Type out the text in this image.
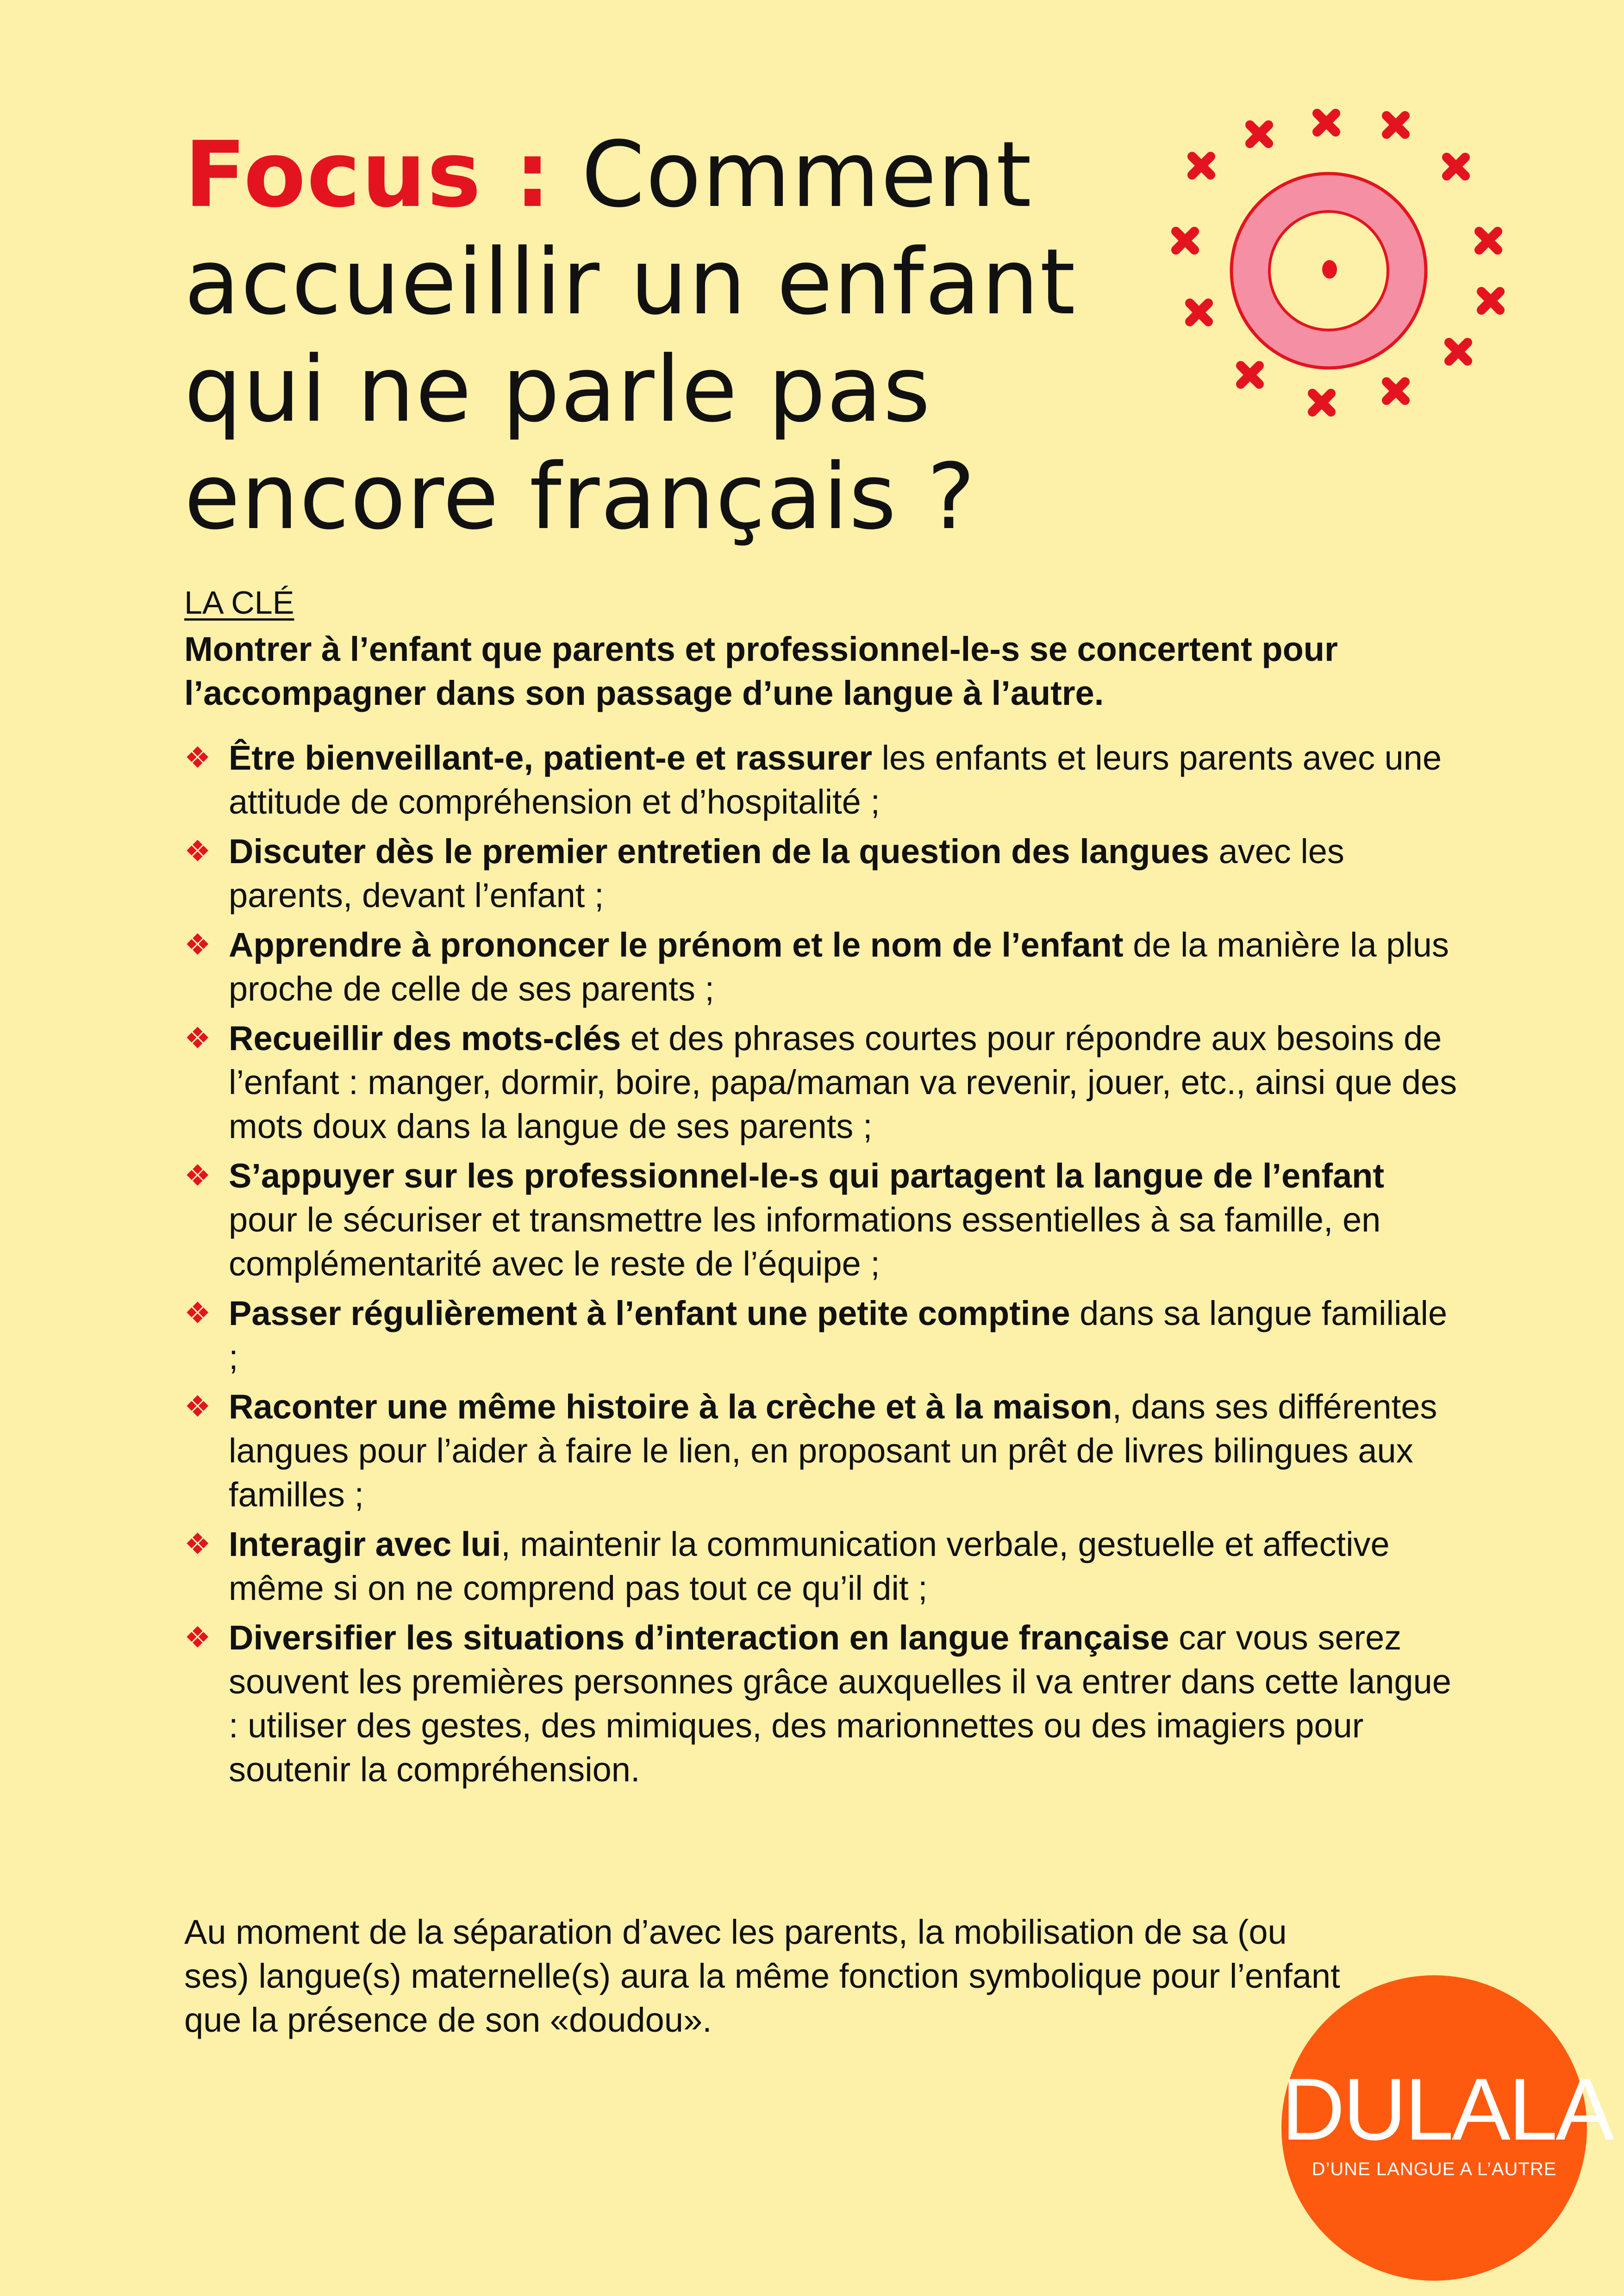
Focus : Comment accueillir un enfant qui ne parle pas encore français ?

LA CLÉ

Montrer à l’enfant que parents et professionnel-le-s se concertent pour l’accompagner dans son passage d’une langue à l’autre.

❖ Être bienveillant-e, patient-e et rassurer les enfants et leurs parents avec une attitude de compréhension et d’hospitalité ;
❖ Discuter dès le premier entretien de la question des langues avec les parents, devant l’enfant ;
❖ Apprendre à prononcer le prénom et le nom de l’enfant de la manière la plus proche de celle de ses parents ;
❖ Recueillir des mots-clés et des phrases courtes pour répondre aux besoins de l’enfant : manger, dormir, boire, papa/maman va revenir, jouer, etc., ainsi que des mots doux dans la langue de ses parents ;
❖ S’appuyer sur les professionnel-le-s qui partagent la langue de l’enfant pour le sécuriser et transmettre les informations essentielles à sa famille, en complémentarité avec le reste de l’équipe ;
❖ Passer régulièrement à l’enfant une petite comptine dans sa langue familiale ;
❖ Raconter une même histoire à la crèche et à la maison, dans ses différentes langues pour l’aider à faire le lien, en proposant un prêt de livres bilingues aux familles ;
❖ Interagir avec lui, maintenir la communication verbale, gestuelle et affective même si on ne comprend pas tout ce qu’il dit ;
❖ Diversifier les situations d’interaction en langue française car vous serez souvent les premières personnes grâce auxquelles il va entrer dans cette langue : utiliser des gestes, des mimiques, des marionnettes ou des imagiers pour soutenir la compréhension.

Au moment de la séparation d’avec les parents, la mobilisation de sa (ou ses) langue(s) maternelle(s) aura la même fonction symbolique pour l’enfant que la présence de son «doudou».

DULALA
D’UNE LANGUE A L’AUTRE
